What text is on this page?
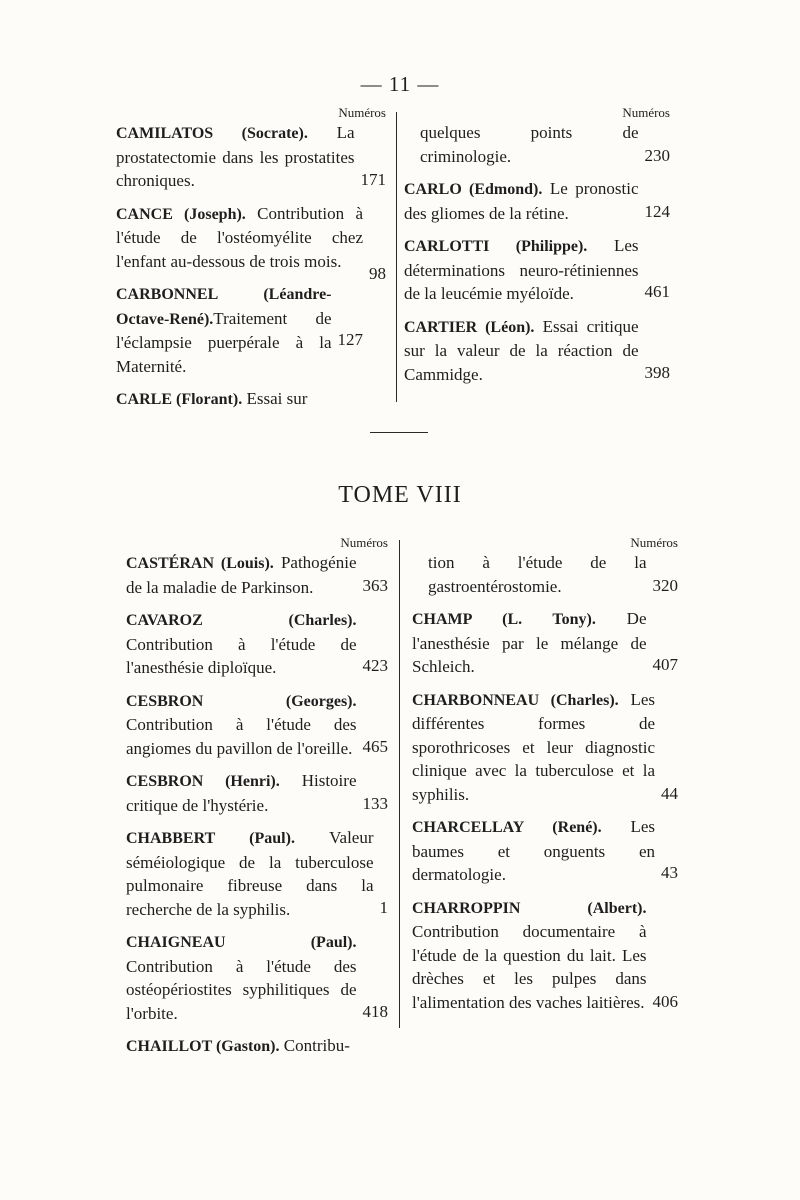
— 11 —
Numéros
171
CAMILATOS (Socrate). La prostatectomie dans les prostatites chroniques.
98
CANCE (Joseph). Contribution à l'étude de l'ostéomyélite chez l'enfant au-dessous de trois mois.
127
CARBONNEL (Léandre-Octave-René).Traitement de l'éclampsie puerpérale à la Maternité.
CARLE (Florant). Essai sur
Numéros
230
quelques points de criminologie.
124
CARLO (Edmond). Le pronostic des gliomes de la rétine.
461
CARLOTTI (Philippe). Les déterminations neuro-rétiniennes de la leucémie myéloïde.
398
CARTIER (Léon). Essai critique sur la valeur de la réaction de Cammidge.
TOME VIII
Numéros
363
CASTÉRAN (Louis). Pathogénie de la maladie de Parkinson.
423
CAVAROZ (Charles). Contribution à l'étude de l'anesthésie diploïque.
465
CESBRON (Georges). Contribution à l'étude des angiomes du pavillon de l'oreille.
133
CESBRON (Henri). Histoire critique de l'hystérie.
1
CHABBERT (Paul). Valeur séméiologique de la tuberculose pulmonaire fibreuse dans la recherche de la syphilis.
418
CHAIGNEAU (Paul). Contribution à l'étude des ostéopériostites syphilitiques de l'orbite.
CHAILLOT (Gaston). Contribu-
Numéros
320
tion à l'étude de la gastroentérostomie.
407
CHAMP (L. Tony). De l'anesthésie par le mélange de Schleich.
44
CHARBONNEAU (Charles). Les différentes formes de sporothricoses et leur diagnostic clinique avec la tuberculose et la syphilis.
43
CHARCELLAY (René). Les baumes et onguents en dermatologie.
406
CHARROPPIN (Albert). Contribution documentaire à l'étude de la question du lait. Les drèches et les pulpes dans l'alimentation des vaches laitières.
